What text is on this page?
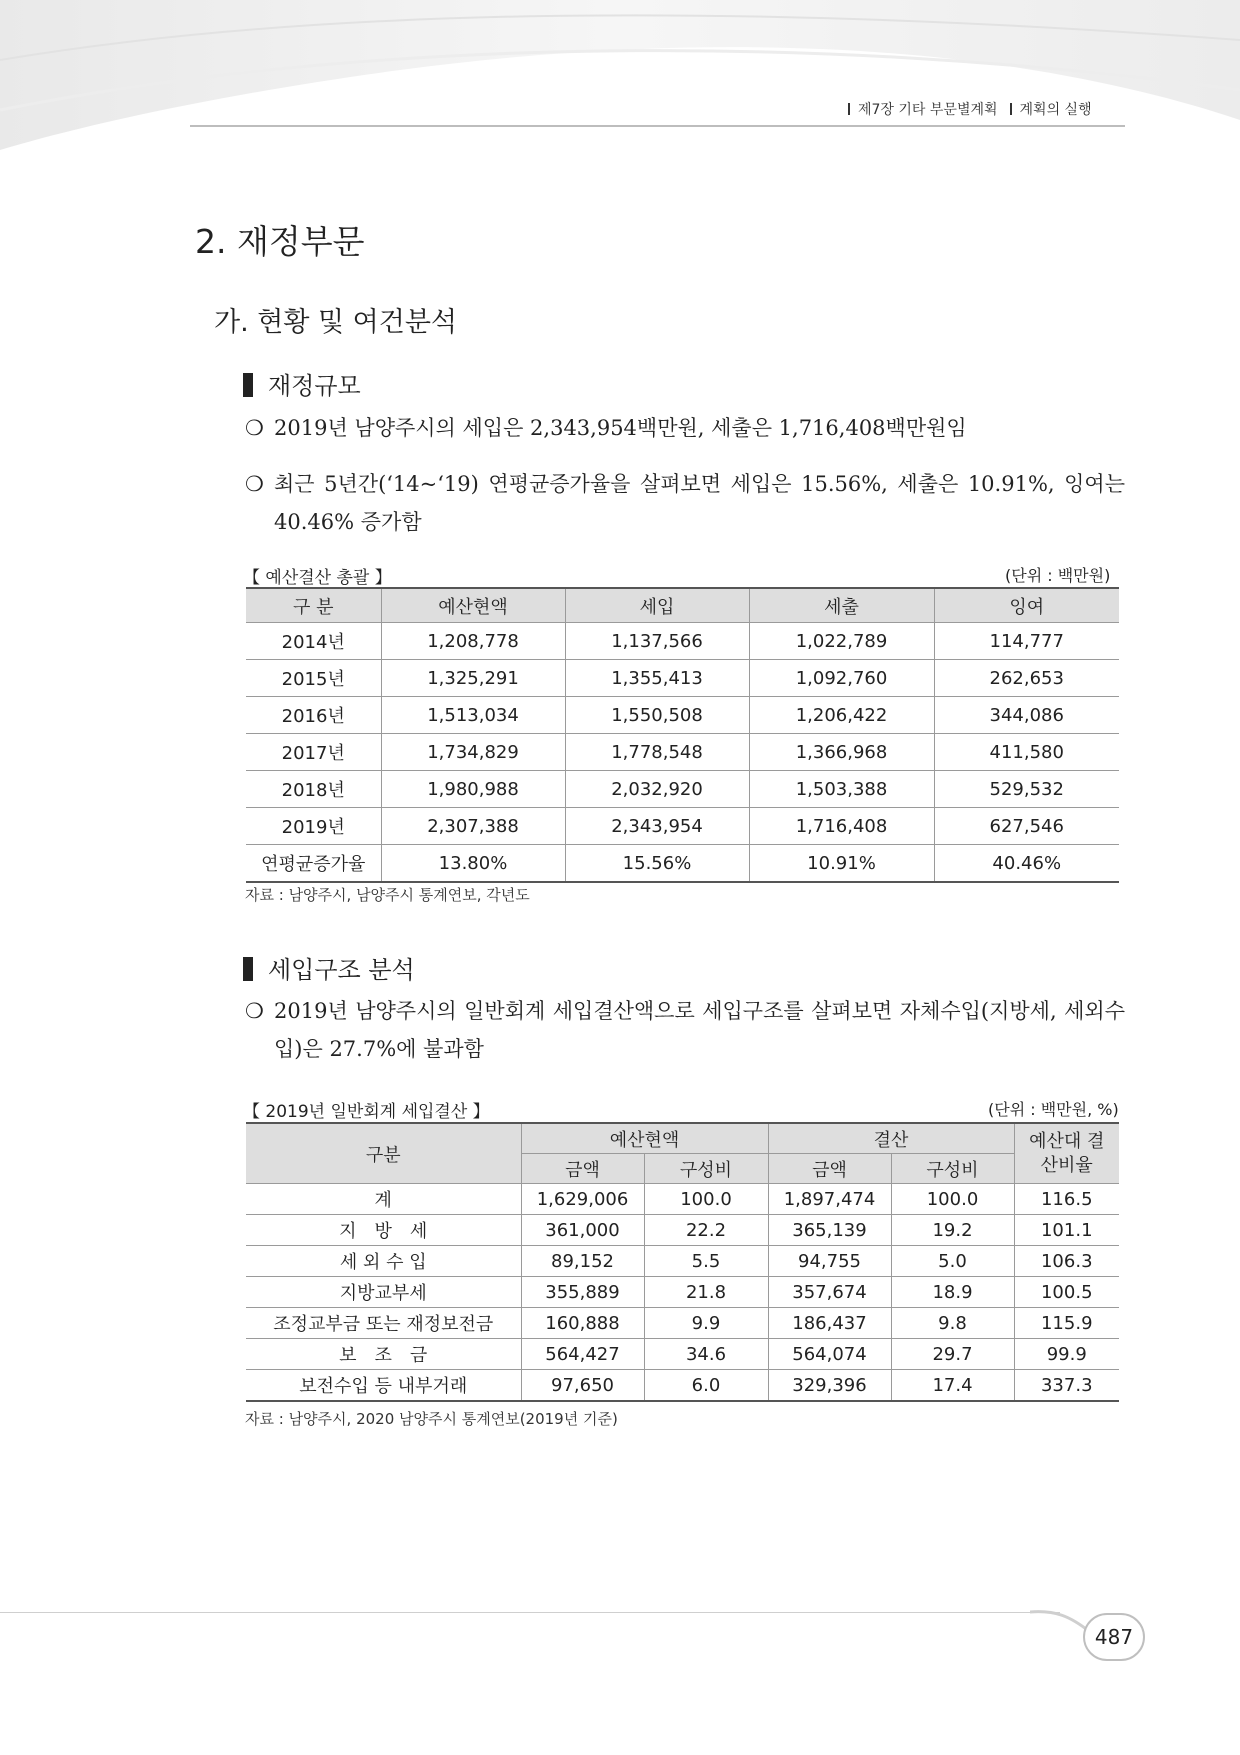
제7장 기타 부문별계획 계획의 실행
2. 재정부문
가. 현황 및 여건분석
재정규모
❍ 2019년 남양주시의 세입은 2,343,954백만원, 세출은 1,716,408백만원임
❍ 최근 5년간(‘14~‘19) 연평균증가율을 살펴보면 세입은 15.56%, 세출은 10.91%, 잉여는 40.46% 증가함
【 예산결산 총괄 】	(단위 : 백만원)
구 분	예산현액	세입	세출	잉여
2014년	1,208,778	1,137,566	1,022,789	114,777
2015년	1,325,291	1,355,413	1,092,760	262,653
2016년	1,513,034	1,550,508	1,206,422	344,086
2017년	1,734,829	1,778,548	1,366,968	411,580
2018년	1,980,988	2,032,920	1,503,388	529,532
2019년	2,307,388	2,343,954	1,716,408	627,546
연평균증가율	13.80%	15.56%	10.91%	40.46%
자료 : 남양주시, 남양주시 통계연보, 각년도
세입구조 분석
❍ 2019년 남양주시의 일반회계 세입결산액으로 세입구조를 살펴보면 자체수입(지방세, 세외수입)은 27.7%에 불과함
【 2019년 일반회계 세입결산 】	(단위 : 백만원, %)
구분	예산현액		결산		예산대 결산비율
	금액	구성비	금액	구성비	
계	1,629,006	100.0	1,897,474	100.0	116.5
지　방　세	361,000	22.2	365,139	19.2	101.1
세 외 수 입	89,152	5.5	94,755	5.0	106.3
지방교부세	355,889	21.8	357,674	18.9	100.5
조정교부금 또는 재정보전금	160,888	9.9	186,437	9.8	115.9
보　조　금	564,427	34.6	564,074	29.7	99.9
보전수입 등 내부거래	97,650	6.0	329,396	17.4	337.3
자료 : 남양주시, 2020 남양주시 통계연보(2019년 기준)
487
